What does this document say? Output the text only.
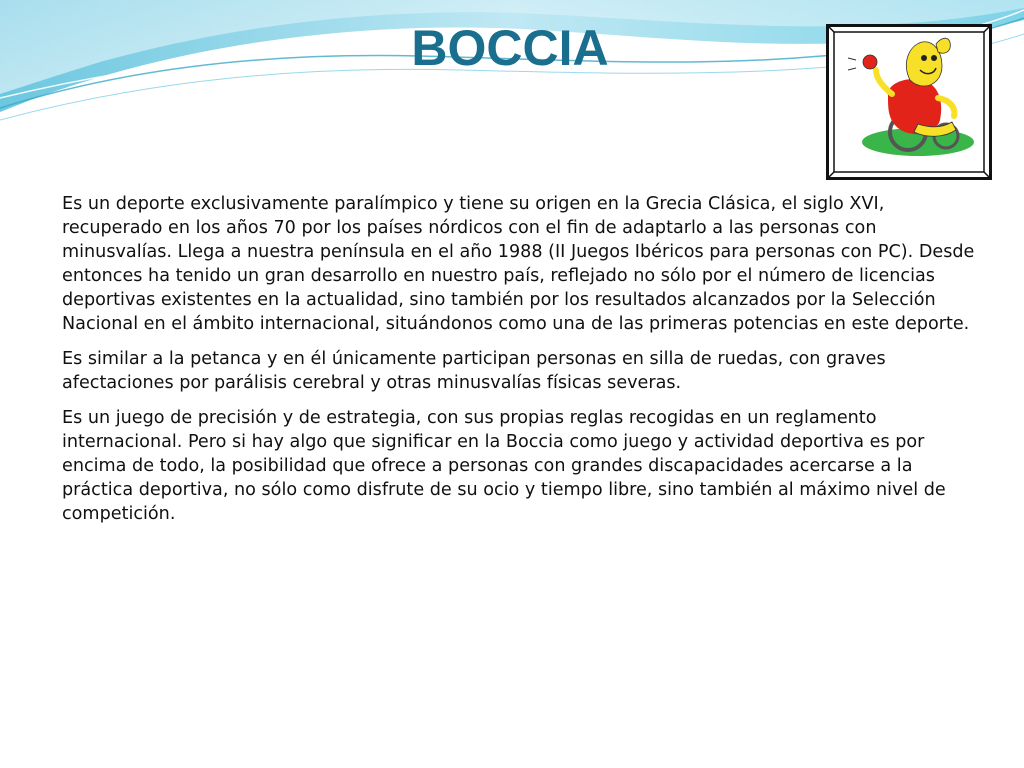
BOCCIA

Es un deporte exclusivamente paralímpico y tiene su origen en la Grecia Clásica, el siglo XVI, recuperado en los años 70 por los países nórdicos con el fin de adaptarlo a las personas con minusvalías. Llega a nuestra península en el año 1988 (II Juegos Ibéricos para personas con PC). Desde entonces ha tenido un gran desarrollo en nuestro país, reflejado no sólo por el número de licencias deportivas existentes en la actualidad, sino también por los resultados alcanzados por la Selección Nacional en el ámbito internacional, situándonos como una de las primeras potencias en este deporte.

Es similar a la petanca y en él únicamente participan personas en silla de ruedas, con graves afectaciones por parálisis cerebral y otras minusvalías físicas severas.

Es un juego de precisión y de estrategia, con sus propias reglas recogidas en un reglamento internacional. Pero si hay algo que significar en la Boccia como juego y actividad deportiva es por encima de todo, la posibilidad que ofrece a personas con grandes discapacidades acercarse a la práctica deportiva, no sólo como disfrute de su ocio y tiempo libre, sino también al máximo nivel de competición.
